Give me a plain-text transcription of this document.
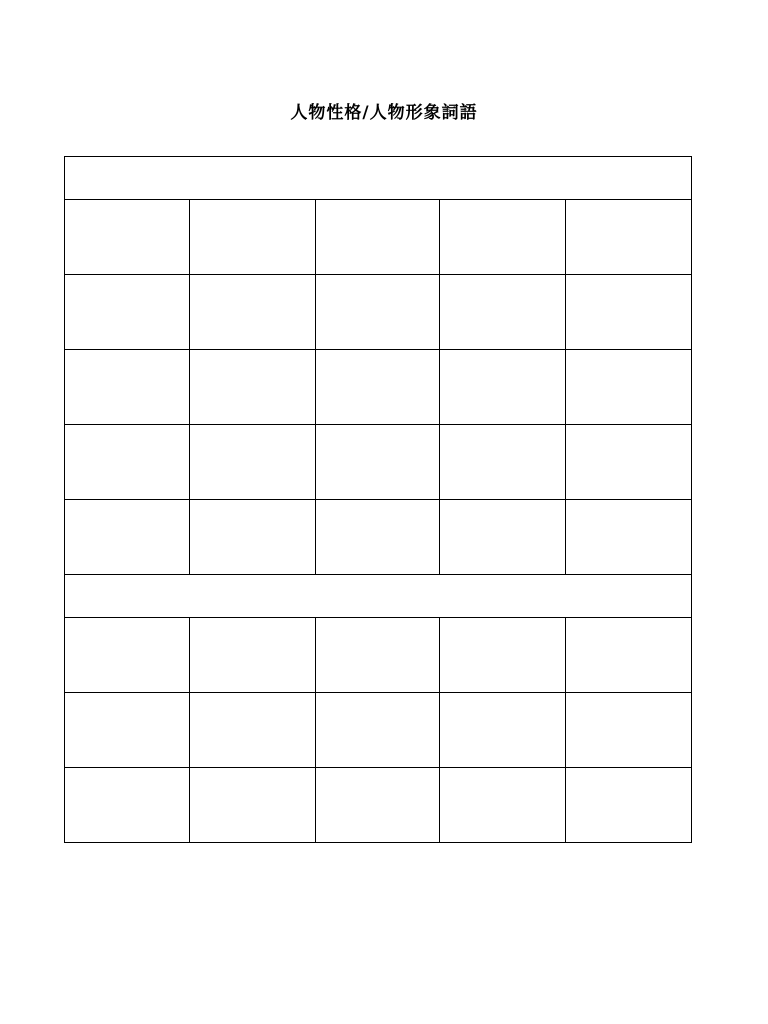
人物性格/人物形象詞語
